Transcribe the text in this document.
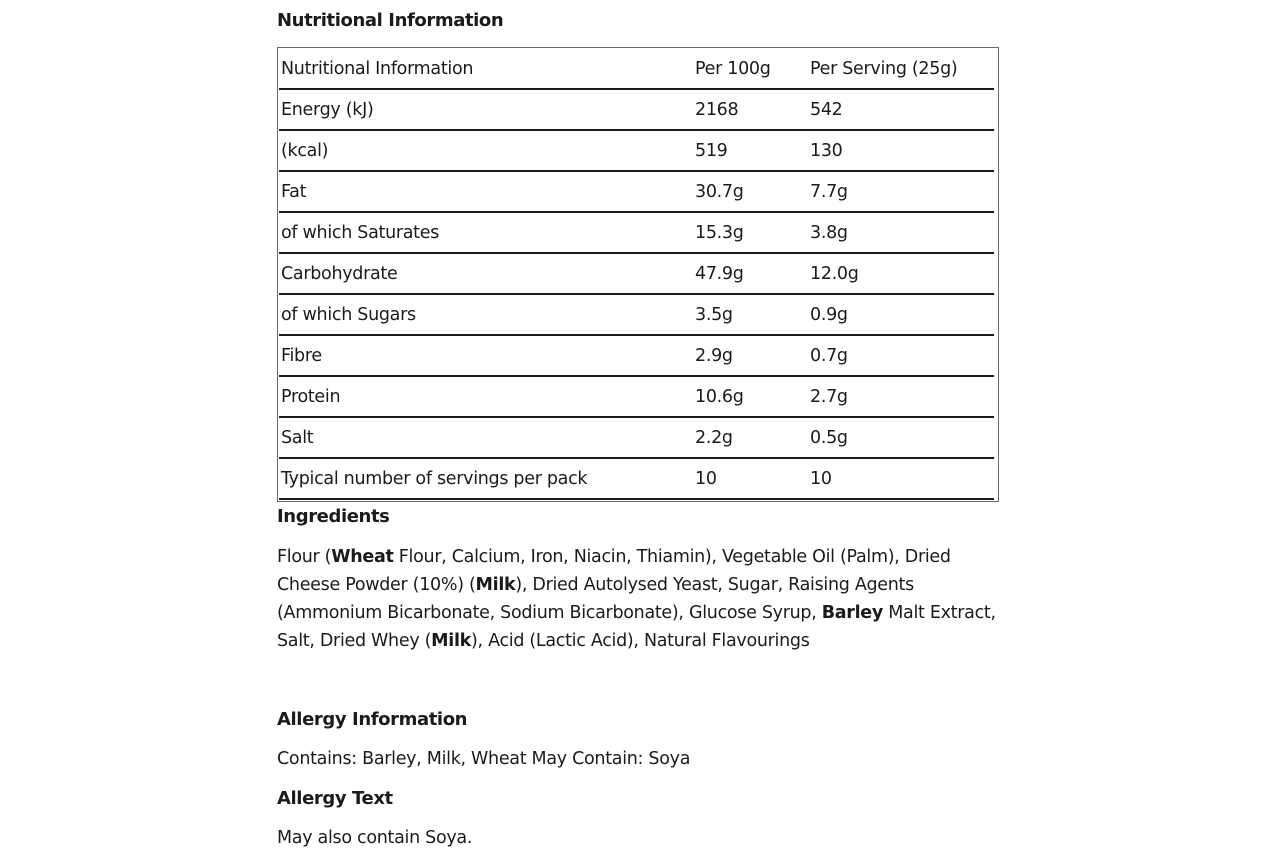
Nutritional Information
Nutritional Information	Per 100g	Per Serving (25g)	
Energy (kJ)	2168	542	
(kcal)	519	130	
Fat	30.7g	7.7g	
of which Saturates	15.3g	3.8g	
Carbohydrate	47.9g	12.0g	
of which Sugars	3.5g	0.9g	
Fibre	2.9g	0.7g	
Protein	10.6g	2.7g	
Salt	2.2g	0.5g	
Typical number of servings per pack	10	10	
Ingredients

Flour (Wheat Flour, Calcium, Iron, Niacin, Thiamin), Vegetable Oil (Palm), Dried Cheese Powder (10%) (Milk), Dried Autolysed Yeast, Sugar, Raising Agents (Ammonium Bicarbonate, Sodium Bicarbonate), Glucose Syrup, Barley Malt Extract, Salt, Dried Whey (Milk), Acid (Lactic Acid), Natural Flavourings

Allergy Information

Contains: Barley, Milk, Wheat May Contain: Soya

Allergy Text

May also contain Soya.
